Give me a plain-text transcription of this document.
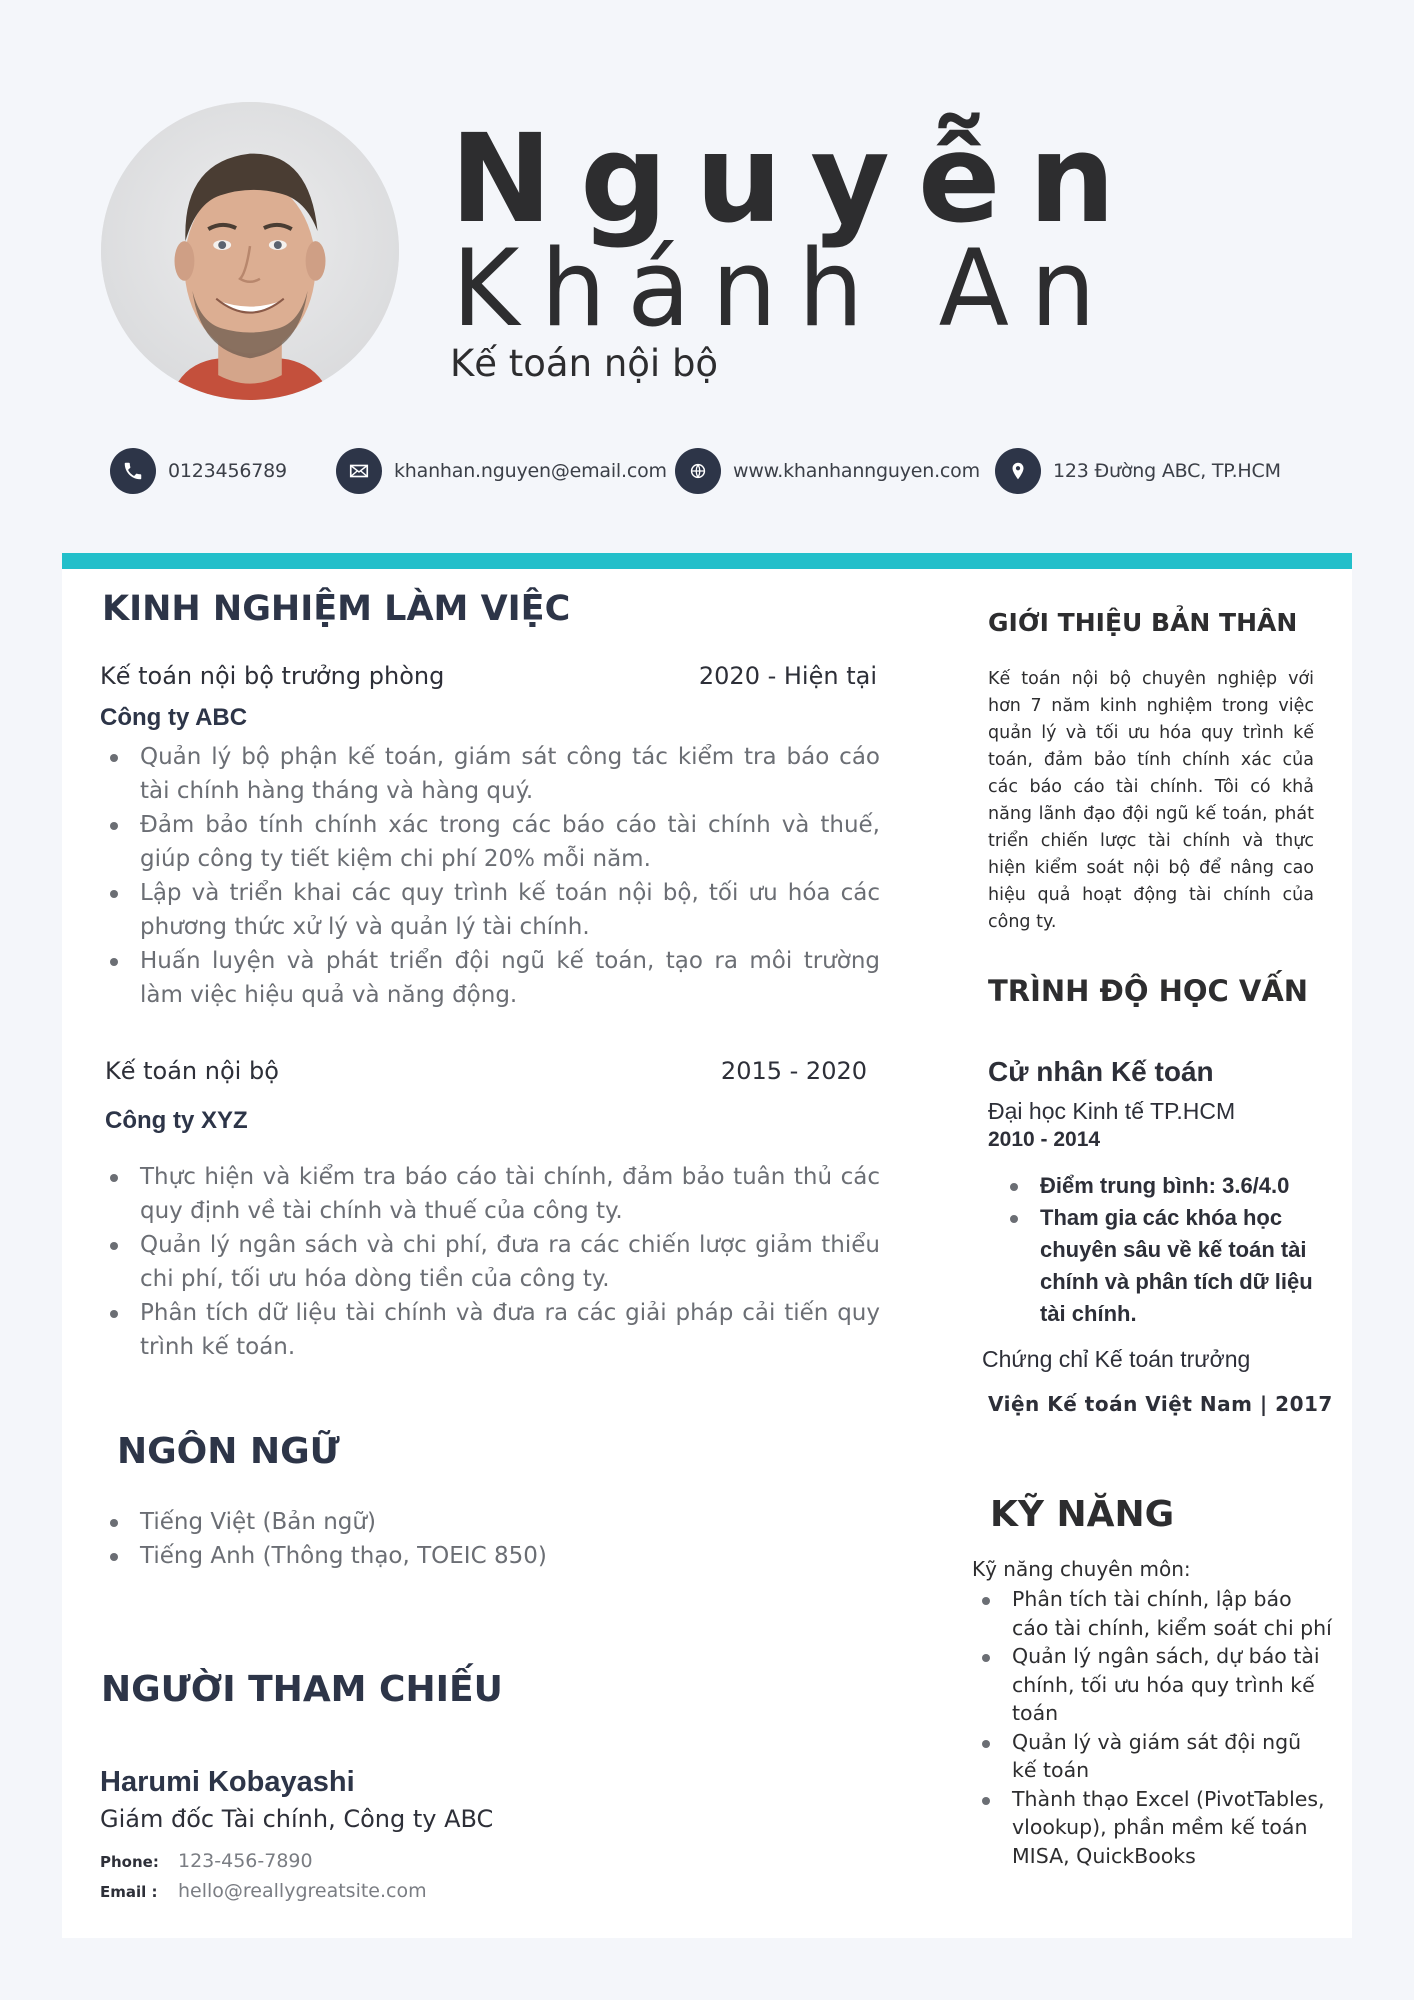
Nguyễn
Khánh An
Kế toán nội bộ
0123456789	khanhan.nguyen@email.com	www.khanhannguyen.com	123 Đường ABC, TP.HCM
KINH NGHIỆM LÀM VIỆC
Kế toán nội bộ trưởng phòng	2020 - Hiện tại
Công ty ABC
Quản lý bộ phận kế toán, giám sát công tác kiểm tra báo cáo tài chính hàng tháng và hàng quý.
Đảm bảo tính chính xác trong các báo cáo tài chính và thuế, giúp công ty tiết kiệm chi phí 20% mỗi năm.
Lập và triển khai các quy trình kế toán nội bộ, tối ưu hóa các phương thức xử lý và quản lý tài chính.
Huấn luyện và phát triển đội ngũ kế toán, tạo ra môi trường làm việc hiệu quả và năng động.
Kế toán nội bộ	2015 - 2020
Công ty XYZ
Thực hiện và kiểm tra báo cáo tài chính, đảm bảo tuân thủ các quy định về tài chính và thuế của công ty.
Quản lý ngân sách và chi phí, đưa ra các chiến lược giảm thiểu chi phí, tối ưu hóa dòng tiền của công ty.
Phân tích dữ liệu tài chính và đưa ra các giải pháp cải tiến quy trình kế toán.
NGÔN NGỮ
Tiếng Việt (Bản ngữ)
Tiếng Anh (Thông thạo, TOEIC 850)
NGƯỜI THAM CHIẾU
Harumi Kobayashi
Giám đốc Tài chính, Công ty ABC
Phone:	123-456-7890
Email :	hello@reallygreatsite.com
GIỚI THIỆU BẢN THÂN
Kế toán nội bộ chuyên nghiệp với hơn 7 năm kinh nghiệm trong việc quản lý và tối ưu hóa quy trình kế toán, đảm bảo tính chính xác của các báo cáo tài chính. Tôi có khả năng lãnh đạo đội ngũ kế toán, phát triển chiến lược tài chính và thực hiện kiểm soát nội bộ để nâng cao hiệu quả hoạt động tài chính của công ty.
TRÌNH ĐỘ HỌC VẤN
Cử nhân Kế toán
Đại học Kinh tế TP.HCM
2010 - 2014
Điểm trung bình: 3.6/4.0
Tham gia các khóa học chuyên sâu về kế toán tài chính và phân tích dữ liệu tài chính.
Chứng chỉ Kế toán trưởng
Viện Kế toán Việt Nam | 2017
KỸ NĂNG
Kỹ năng chuyên môn:
Phân tích tài chính, lập báo cáo tài chính, kiểm soát chi phí
Quản lý ngân sách, dự báo tài chính, tối ưu hóa quy trình kế toán
Quản lý và giám sát đội ngũ kế toán
Thành thạo Excel (PivotTables, vlookup), phần mềm kế toán MISA, QuickBooks
